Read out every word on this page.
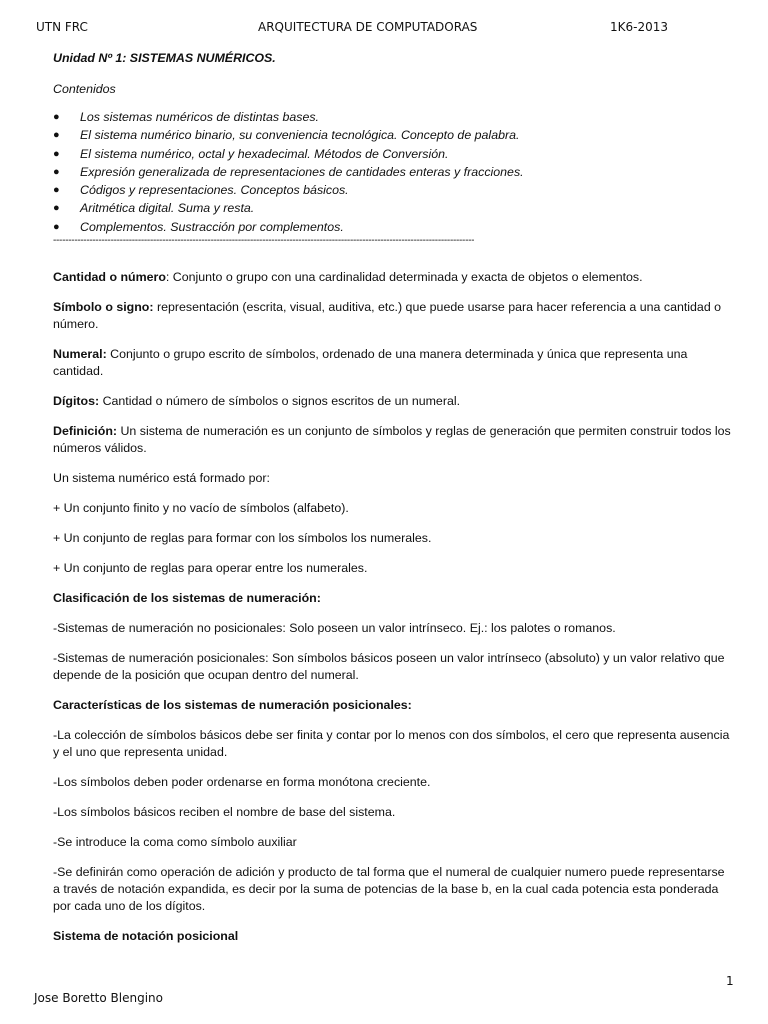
UTN FRC	ARQUITECTURA DE COMPUTADORAS	1K6-2013

Unidad Nº 1: SISTEMAS NUMÉRICOS.

Contenidos

● Los sistemas numéricos de distintas bases.
● El sistema numérico binario, su conveniencia tecnológica. Concepto de palabra.
● El sistema numérico, octal y hexadecimal. Métodos de Conversión.
● Expresión generalizada de representaciones de cantidades enteras y fracciones.
● Códigos y representaciones. Conceptos básicos.
● Aritmética digital. Suma y resta.
● Complementos. Sustracción por complementos.
-------------------------------------------------------------------------------------------------------------------------------------------

Cantidad o número: Conjunto o grupo con una cardinalidad determinada y exacta de objetos o elementos.

Símbolo o signo: representación (escrita, visual, auditiva, etc.) que puede usarse para hacer referencia a una cantidad o número.

Numeral: Conjunto o grupo escrito de símbolos, ordenado de una manera determinada y única que representa una cantidad.

Dígitos: Cantidad o número de símbolos o signos escritos de un numeral.

Definición: Un sistema de numeración es un conjunto de símbolos y reglas de generación que permiten construir todos los números válidos.

Un sistema numérico está formado por:

+ Un conjunto finito y no vacío de símbolos (alfabeto).

+ Un conjunto de reglas para formar con los símbolos los numerales.

+ Un conjunto de reglas para operar entre los numerales.

Clasificación de los sistemas de numeración:

-Sistemas de numeración no posicionales: Solo poseen un valor intrínseco. Ej.: los palotes o romanos.

-Sistemas de numeración posicionales: Son símbolos básicos poseen un valor intrínseco (absoluto) y un valor relativo que depende de la posición que ocupan dentro del numeral.

Características de los sistemas de numeración posicionales:

-La colección de símbolos básicos debe ser finita y contar por lo menos con dos símbolos, el cero que representa ausencia y el uno que representa unidad.

-Los símbolos deben poder ordenarse en forma monótona creciente.

-Los símbolos básicos reciben el nombre de base del sistema.

-Se introduce la coma como símbolo auxiliar

-Se definirán como operación de adición y producto de tal forma que el numeral de cualquier numero puede representarse a través de notación expandida, es decir por la suma de potencias de la base b, en la cual cada potencia esta ponderada por cada uno de los dígitos.

Sistema de notación posicional

1
Jose Boretto Blengino
